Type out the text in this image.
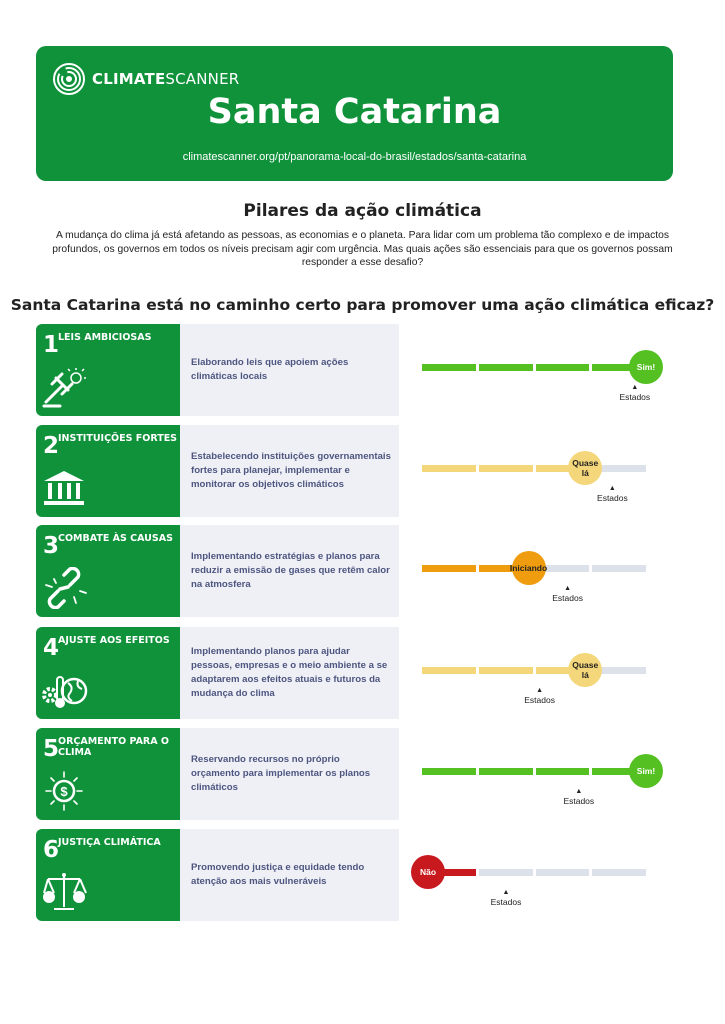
CLIMATESCANNER
Santa Catarina
climatescanner.org/pt/panorama-local-do-brasil/estados/santa-catarina
Pilares da ação climática
A mudança do clima já está afetando as pessoas, as economias e o planeta. Para lidar com um problema tão complexo e de impactos profundos, os governos em todos os níveis precisam agir com urgência. Mas quais ações são essenciais para que os governos possam responder a esse desafio?
Santa Catarina está no caminho certo para promover uma ação climática eficaz?
1
LEIS AMBICIOSAS
Elaborando leis que apoiem ações climáticas locais
Sim!
▲
Estados
2
INSTITUIÇÕES FORTES
Estabelecendo instituições governamentais fortes para planejar, implementar e monitorar os objetivos climáticos
Quase lá
▲
Estados
3
COMBATE ÀS CAUSAS
Implementando estratégias e planos para reduzir a emissão de gases que retêm calor na atmosfera
Iniciando
▲
Estados
4
AJUSTE AOS EFEITOS
Implementando planos para ajudar pessoas, empresas e o meio ambiente a se adaptarem aos efeitos atuais e futuros da mudança do clima
Quase lá
▲
Estados
5
ORÇAMENTO PARA O CLIMA
$
Reservando recursos no próprio orçamento para implementar os planos climáticos
Sim!
▲
Estados
6
JUSTIÇA CLIMÁTICA
Promovendo justiça e equidade tendo atenção aos mais vulneráveis
Não
▲
Estados
